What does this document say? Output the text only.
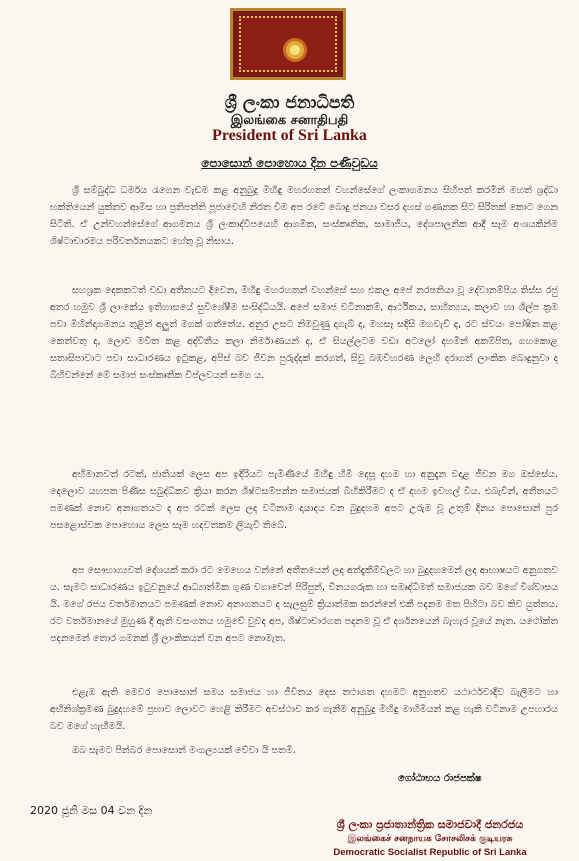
ශ්‍රී ලංකා ජනාධිපති
இலங்கை சனாதிபதி
President of Sri Lanka
පොසොන් පොහොය දින පණිවුඩය

ශ්‍රී සම්බුද්ධ ධර්මය රැගෙන වැඩම කළ අනුබුදු මිහිඳු මහරහතන් වහන්සේගේ ලංකාගමනය සිහිපත් කරමින් මහත් ශ්‍රද්ධා භක්තියෙන් යුක්තව ආමිස හා ප්‍රතිපත්ති පූජාවෙහි නිරත වීම අප රටේ බොදු ජනයා වසර දහස් ගණනක සිට සිරිතක් කොට ගෙන සිටිති. ඒ උන්වහන්සේගේ ආගමනය ශ්‍රී ලංකාද්වීපයෙහි ආගමික, සංස්කෘතික, සාමාජීය, දේශපාලනික ආදී සෑම අංශයකින්ම ශිෂ්ටාචාරමය පරිවර්තනයකට හේතු වූ නිසාය.

සහශ්‍රක දෙකකටත් වඩා අතීතයට දිවෙන, මිහිඳු මහරහතන් වහන්සේ සහ එකල අපේ නරපතියා වූ දේවානම්පිය තිස්ස රජු අතර හමුව ශ්‍රී ලාංකේය ඉතිහාසයේ සුවිශේෂීම සංසිද්ධියයි. අපේ සමාජ වටිනාකම්, ආර්ථිකය, සාහිත්‍යය, කලාව හා ශිල්ප ක්‍රම පවා මිහින්දාගමනය තුළින් අලුත් මගක් ගත්තේය. අනුර උසට නිමවුණු දාගැබ් ද, මහසෑ සදිසි මහවැව් ද, රට ස්වයං පෝෂිත කළ කෙත්වතු ද, ලොව මවිත කළ අද්විතීය කලා නිර්මාණයන් ද, ඒ සියල්ලටම වඩා අටලෝ දහමින් අකම්පිත, ගහකොළ සතාසිපාවාට පවා සාධාරණය ඉටුකළ, අපිස් බව ජීවන පුරුද්දක් කරගත්, සිවු බඹවිහරණ ලෙහි දරාගත් ලාංකික බොදුනුවා ද බිහිවන්නේ මේ සමාජ සංස්කෘතික විප්ලවයත් සමග ය.

අභිමානවත් රටක්, ජාතියක් ලෙස අප ඉදිරියට පැමිණියේ මිහිඳු හිමි දෙසූ දහම හා අනුදැන වදාළ ජීවන මග ඔස්සේය. දෙලොව යහපත පිණිස සබුද්ධිකව ක්‍රියා කරන ශිෂ්ටසම්පන්න සමාජයක් බිහිකිරීමට ද ඒ දහම ඉවහල් විය. එබැවින්, අතීතයට පමණක් නොව අනාගතයට ද අප රටක් ලෙස ලද වටිනාම දායාදය වන බුදුදහම අපට උරුම වූ උතුම් දිනය පොසොන් පුර පසළොස්වක පොහොය ලෙස සෑම හදවතකම ලියැවී තිබේ.

අප සෞභාග්‍යවත් දේශයක් කරා රට මෙහෙය වන්නේ අතීතයෙන් ලද අත්දැකීම්වලට හා බුදුදහමෙන් ලද ආභාෂයට අනුගතව ය. සැමට සාධාරණය ඉටුවනුයේ ආධ්‍යාත්මික ගුණ වගාවෙන් පිරිපුන්, විනයගරුක හා සමෘද්ධිමත් සමාජයක බව මගේ විශ්වාසය යි. මගේ රජය වර්තමානයට පමණක් නොව අනාගතයට ද සැලසුම් ක්‍රියාත්මක කරන්නේ එකී පදනම මත පිහිටා බව කිව යුත්තය. රට වර්තමානයේ මුහුණ දී ඇති වසංගතය හමුවේ වුවද අප, ශිෂ්ටාචාරගත පදනම වූ ඒ දර්ශනයෙන් බැහැර වූයේ නැත. යථෝක්ත පදනමෙන් තොර ගමනක් ශ්‍රී ලාංකිකයන් වන අපට නොමැත.

එළැඹ ඇති මෙවර පොසොන් සමය සමාජය හා ජීවිතය දෙස තථාගත දහමට අනුගතව යථාර්ථවාදීව බැලීමට හා අභිනිශ්ක්‍රමණ බුදුදහමේ ප්‍රභාව ලොවට හෙළි කිරීමට අවස්ථාව කර ගැනීම අනුබුදු මිහිඳු මාහිමියන් කළ හැකි වටිනාම උපහාරය බව මගේ හැඟීමයි.

ඔබ සැමට පින්බර පොසොන් මංගල්‍යයක් වේවා යි පතමි.

ගෝඨාභය රාජපක්ෂ
2020 ජූනි මස 04 වන දින
ශ්‍රී ලංකා ප්‍රජාතාන්ත්‍රික සමාජවාදී ජනරජය
இலங்கைச் சனநாயக சோசலிசக் குடியரசு
Democratic Socialist Republic of Sri Lanka
